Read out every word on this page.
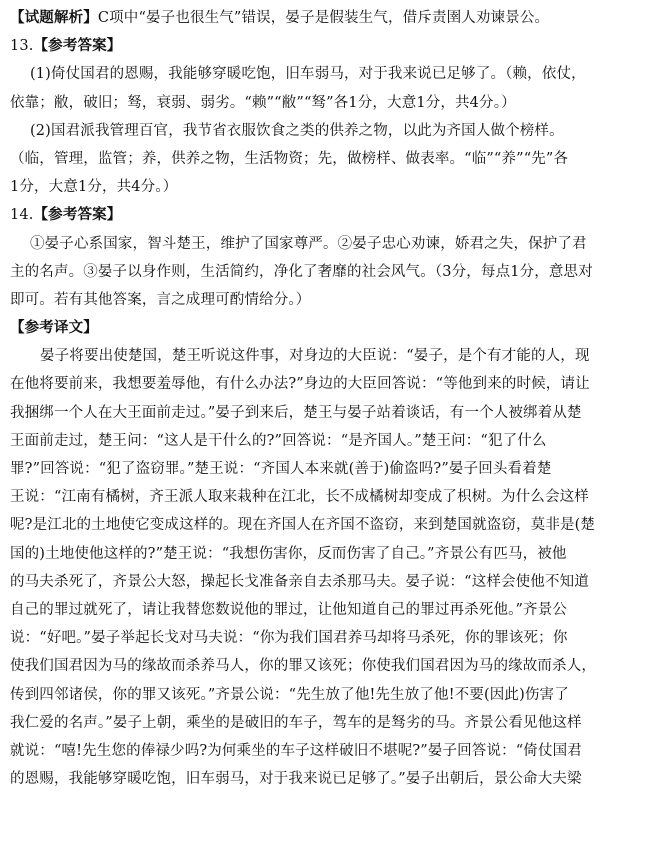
【试题解析】C项中“晏子也很生气”错误，晏子是假装生气，借斥责圉人劝谏景公。
13.【参考答案】
(1)倚仗国君的恩赐，我能够穿暖吃饱，旧车弱马，对于我来说已足够了。（赖，依仗，
依靠；敝，破旧；驽，衰弱、弱劣。“赖”“敝”“驽”各1分，大意1分，共4分。）
(2)国君派我管理百官，我节省衣服饮食之类的供养之物，以此为齐国人做个榜样。
（临，管理，监管；养，供养之物，生活物资；先，做榜样、做表率。“临”“养”“先”各
1分，大意1分，共4分。）
14.【参考答案】
①晏子心系国家，智斗楚王，维护了国家尊严。②晏子忠心劝谏，娇君之失，保护了君
主的名声。③晏子以身作则，生活简约，净化了奢靡的社会风气。（3分，每点1分，意思对
即可。若有其他答案，言之成理可酌情给分。）
【参考译文】
晏子将要出使楚国，楚王听说这件事，对身边的大臣说：“晏子，是个有才能的人，现
在他将要前来，我想要羞辱他，有什么办法?”身边的大臣回答说：“等他到来的时候，请让
我捆绑一个人在大王面前走过。”晏子到来后，楚王与晏子站着谈话，有一个人被绑着从楚
王面前走过，楚王问：“这人是干什么的?”回答说：“是齐国人。”楚王问：“犯了什么
罪?”回答说：“犯了盗窃罪。”楚王说：“齐国人本来就(善于)偷盗吗?”晏子回头看着楚
王说：“江南有橘树，齐王派人取来栽种在江北，长不成橘树却变成了枳树。为什么会这样
呢?是江北的土地使它变成这样的。现在齐国人在齐国不盗窃，来到楚国就盗窃，莫非是(楚
国的)土地使他这样的?”楚王说：“我想伤害你，反而伤害了自己。”齐景公有匹马，被他
的马夫杀死了，齐景公大怒，操起长戈准备亲自去杀那马夫。晏子说：“这样会使他不知道
自己的罪过就死了，请让我替您数说他的罪过，让他知道自己的罪过再杀死他。”齐景公
说：“好吧。”晏子举起长戈对马夫说：“你为我们国君养马却将马杀死，你的罪该死；你
使我们国君因为马的缘故而杀养马人，你的罪又该死；你使我们国君因为马的缘故而杀人，
传到四邻诸侯，你的罪又该死。”齐景公说：“先生放了他!先生放了他!不要(因此)伤害了
我仁爱的名声。”晏子上朝，乘坐的是破旧的车子，驾车的是驽劣的马。齐景公看见他这样
就说：“嘻!先生您的俸禄少吗?为何乘坐的车子这样破旧不堪呢?”晏子回答说：“倚仗国君
的恩赐，我能够穿暖吃饱，旧车弱马，对于我来说已足够了。”晏子出朝后，景公命大夫梁
